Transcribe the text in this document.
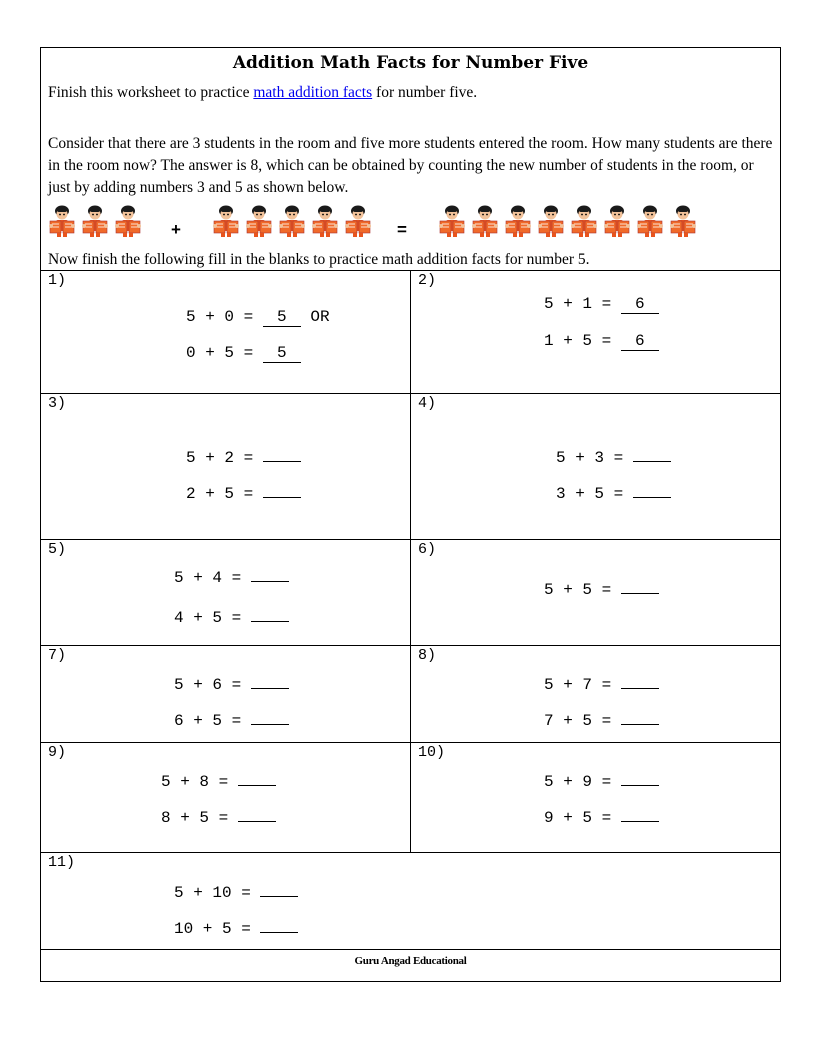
Addition Math Facts for Number Five
Finish this worksheet to practice math addition facts for number five.
Consider that there are 3 students in the room and five more students entered the room. How many students are there in the room now? The answer is 8, which can be obtained by counting the new number of students in the room, or just by adding numbers 3 and 5 as shown below.
+	=
Now finish the following fill in the blanks to practice math addition facts for number 5.
1)
5 + 0 = 5 OR
0 + 5 = 5
2)
5 + 1 = 6
1 + 5 = 6
3)
5 + 2 =
2 + 5 =
4)
5 + 3 =
3 + 5 =
5)
5 + 4 =
4 + 5 =
6)
5 + 5 =
7)
5 + 6 =
6 + 5 =
8)
5 + 7 =
7 + 5 =
9)
5 + 8 =
8 + 5 =
10)
5 + 9 =
9 + 5 =
11)
5 + 10 =
10 + 5 =
Guru Angad Educational
